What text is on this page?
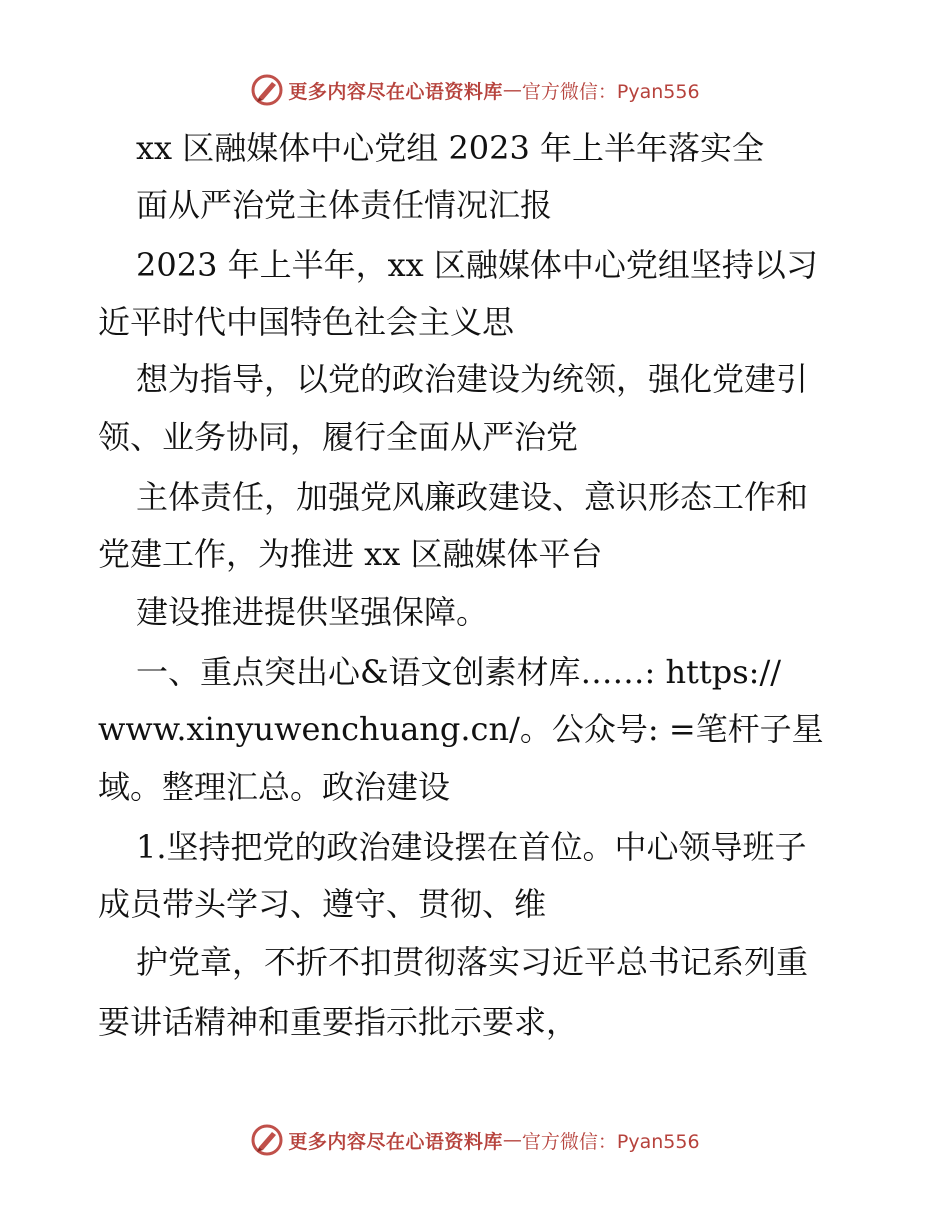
更多内容尽在心语资料库 — 官方微信：Pyan556
xx 区融媒体中心党组 2023 年上半年落实全
面从严治党主体责任情况汇报
2023 年上半年，xx 区融媒体中心党组坚持以习
近平时代中国特色社会主义思
想为指导，以党的政治建设为统领，强化党建引
领、业务协同，履行全面从严治党
主体责任，加强党风廉政建设、意识形态工作和
党建工作，为推进 xx 区融媒体平台
建设推进提供坚强保障。
一、重点突出心&语文创素材库……: https://
www.xinyuwenchuang.cn/。公众号: =笔杆子星
域。整理汇总。政治建设
1.坚持把党的政治建设摆在首位。中心领导班子
成员带头学习、遵守、贯彻、维
护党章，不折不扣贯彻落实习近平总书记系列重
要讲话精神和重要指示批示要求，
更多内容尽在心语资料库 — 官方微信：Pyan556
